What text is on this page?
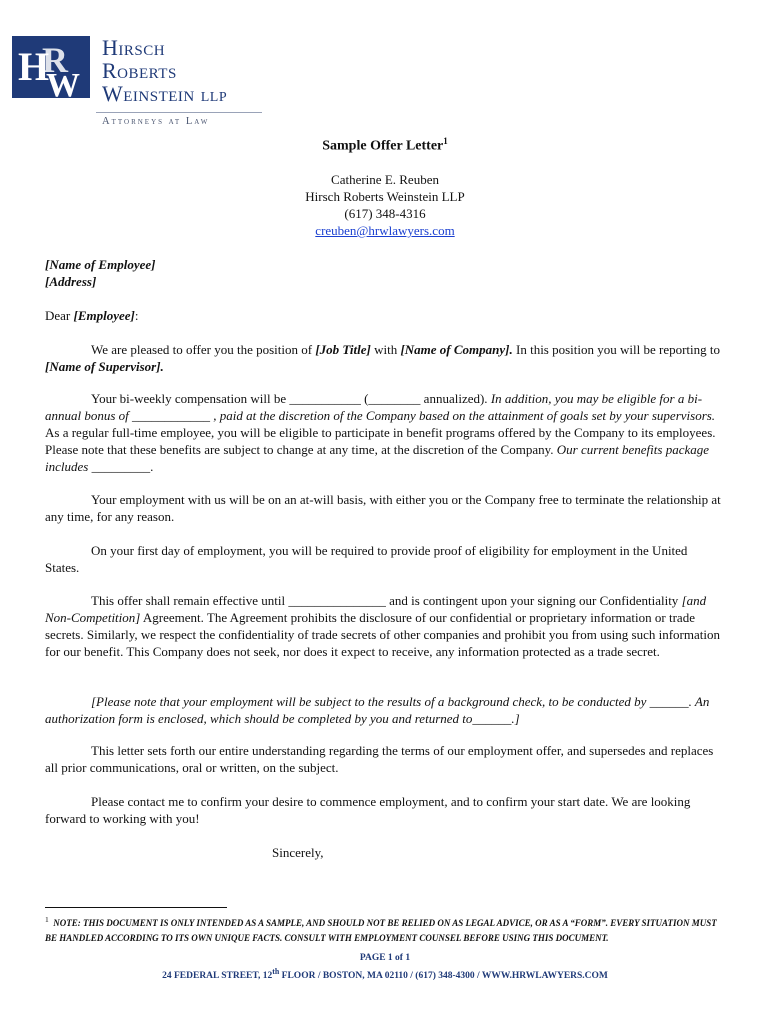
H
R
W
Hirsch
Roberts
Weinstein LLP
Attorneys at Law
Sample Offer Letter$^1$
Catherine E. Reuben
Hirsch Roberts Weinstein LLP
(617) 348-4316
creuben@hrwlawyers.com
[Name of Employee]
[Address]
Dear [Employee]:
We are pleased to offer you the position of [Job Title] with [Name of Company]. In this position you will be reporting to [Name of Supervisor].
Your bi-weekly compensation will be ___________ (________ annualized). In addition, you may be eligible for a bi-annual bonus of ____________ , paid at the discretion of the Company based on the attainment of goals set by your supervisors. As a regular full-time employee, you will be eligible to participate in benefit programs offered by the Company to its employees. Please note that these benefits are subject to change at any time, at the discretion of the Company. Our current benefits package includes _________.
Your employment with us will be on an at-will basis, with either you or the Company free to terminate the relationship at any time, for any reason.
On your first day of employment, you will be required to provide proof of eligibility for employment in the United States.
This offer shall remain effective until _______________ and is contingent upon your signing our Confidentiality [and Non-Competition] Agreement. The Agreement prohibits the disclosure of our confidential or proprietary information or trade secrets. Similarly, we respect the confidentiality of trade secrets of other companies and prohibit you from using such information for our benefit. This Company does not seek, nor does it expect to receive, any information protected as a trade secret.
[Please note that your employment will be subject to the results of a background check, to be conducted by ______. An authorization form is enclosed, which should be completed by you and returned to______.]
This letter sets forth our entire understanding regarding the terms of our employment offer, and supersedes and replaces all prior communications, oral or written, on the subject.
Please contact me to confirm your desire to commence employment, and to confirm your start date. We are looking forward to working with you!
Sincerely,
$^1$ NOTE: THIS DOCUMENT IS ONLY INTENDED AS A SAMPLE, AND SHOULD NOT BE RELIED ON AS LEGAL ADVICE, OR AS A “FORM”. EVERY SITUATION MUST BE HANDLED ACCORDING TO ITS OWN UNIQUE FACTS. CONSULT WITH EMPLOYMENT COUNSEL BEFORE USING THIS DOCUMENT.
PAGE 1 of 1
24 FEDERAL STREET, 12th FLOOR / BOSTON, MA 02110 / (617) 348-4300 / WWW.HRWLAWYERS.COM
